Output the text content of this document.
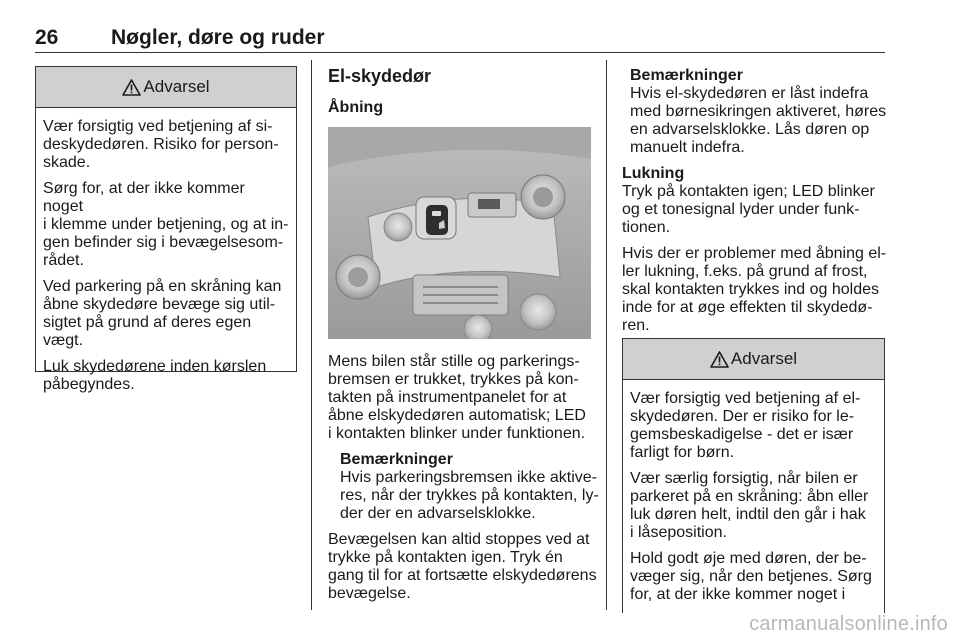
26	Nøgler, døre og ruder
Advarsel

Vær forsigtig ved betjening af si-
deskydedøren. Risiko for person-
skade.

Sørg for, at der ikke kommer noget
i klemme under betjening, og at in-
gen befinder sig i bevægelsesom-
rådet.

Ved parkering på en skråning kan
åbne skydedøre bevæge sig util-
sigtet på grund af deres egen
vægt.

Luk skydedørene inden kørslen
påbegyndes.

El-skydedør
Åbning

Mens bilen står stille og parkerings-
bremsen er trukket, trykkes på kon-
takten på instrumentpanelet for at
åbne elskydedøren automatisk; LED
i kontakten blinker under funktionen.

Bemærkninger
Hvis parkeringsbremsen ikke aktive-
res, når der trykkes på kontakten, ly-
der der en advarselsklokke.

Bevægelsen kan altid stoppes ved at
trykke på kontakten igen. Tryk én
gang til for at fortsætte elskydedørens
bevægelse.

Bemærkninger
Hvis el-skydedøren er låst indefra
med børnesikringen aktiveret, høres
en advarselsklokke. Lås døren op
manuelt indefra.
Lukning

Tryk på kontakten igen; LED blinker
og et tonesignal lyder under funk-
tionen.

Hvis der er problemer med åbning el-
ler lukning, f.eks. på grund af frost,
skal kontakten trykkes ind og holdes
inde for at øge effekten til skydedø-
ren.

Advarsel

Vær forsigtig ved betjening af el-
skydedøren. Der er risiko for le-
gemsbeskadigelse - det er især
farligt for børn.

Vær særlig forsigtig, når bilen er
parkeret på en skråning: åbn eller
luk døren helt, indtil den går i hak
i låseposition.

Hold godt øje med døren, der be-
væger sig, når den betjenes. Sørg
for, at der ikke kommer noget i

carmanualsonline.info
